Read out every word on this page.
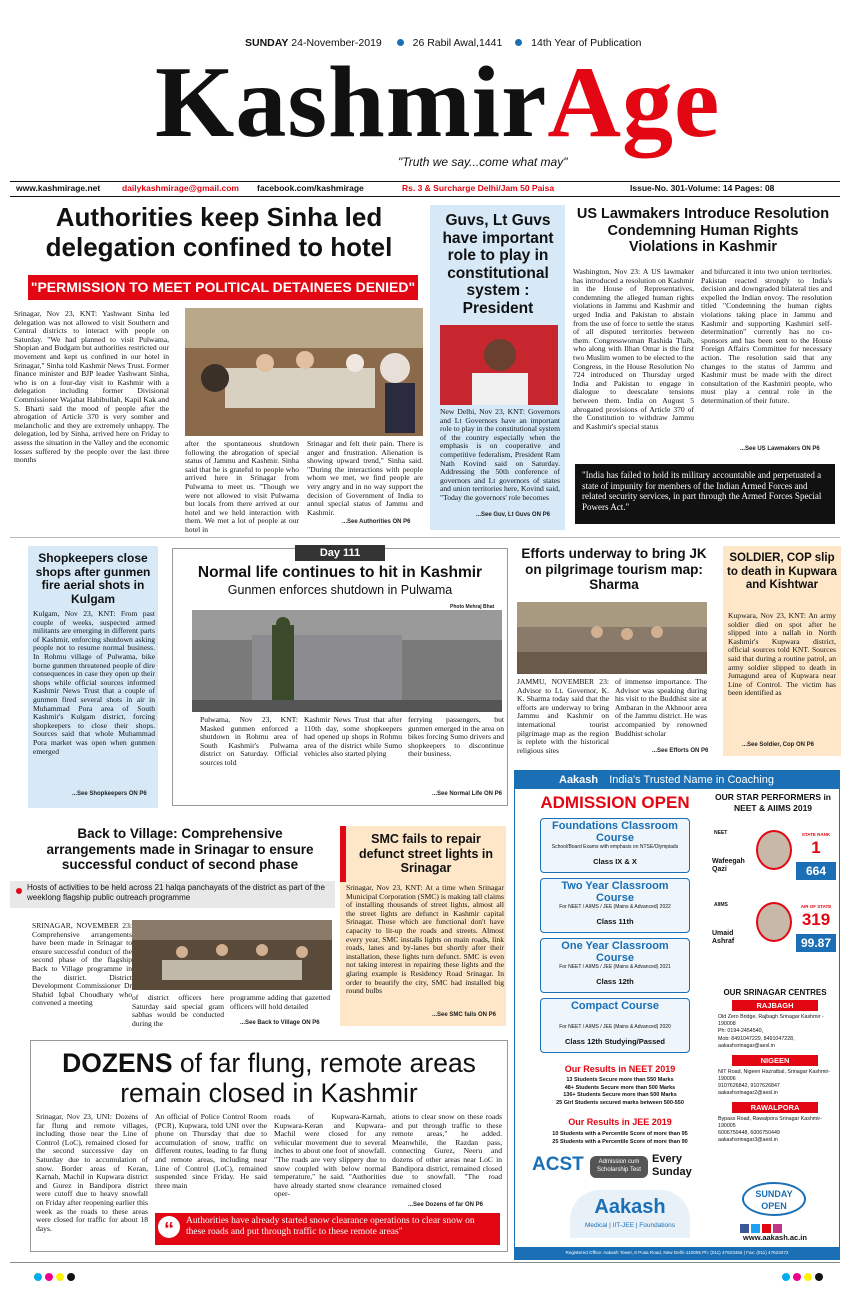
SUNDAY 24-November-2019	26 Rabil Awal,1441	14th Year of Publication
KashmirAge
"Truth we say...come what may"
www.kashmirage.net	dailykashmirage@gmail.com facebook.com/kashmirage	Rs. 3 & Surcharge Delhi/Jam 50 Paisa	Issue-No. 301-Volume: 14 Pages: 08
Authorities keep Sinha led delegation confined to hotel
"PERMISSION TO MEET POLITICAL DETAINEES DENIED"
Srinagar, Nov 23, KNT: Yashwant Sinha led delegation was not allowed to visit Southern and Central districts to interact with people on Saturday. "We had planned to visit Pulwama, Shopian and Budgam but authorities restricted our movement and kept us confined in our hotel in Srinagar," Sinha told Kashmir News Trust. Former finance minister and BJP leader Yashwant Sinha, who is on a four-day visit to Kashmir with a delegation including former Divisional Commissioner Wajahat Habibullah, Kapil Kak and S. Bharti said the mood of people after the abrogation of Article 370 is very somber and melancholic and they are extremely unhappy. The delegation, led by Sinha, arrived here on Friday to assess the situation in the Valley and the economic losses suffered by the people over the last three months
after the spontaneous shutdown following the abrogation of special status of Jammu and Kashmir. Sinha said that he is grateful to people who arrived here in Srinagar from Pulwama to meet us. "Though we were not allowed to visit Pulwama but locals from there arrived at our hotel and we held interaction with them. We met a lot of people at our hotel in
Srinagar and felt their pain. There is anger and frustration. Alienation is showing upward trend," Sinha said. "During the interactions with people whom we met, we find people are very angry and in no way support the decision of Government of India to annul special status of Jammu and Kashmir.
...See Authorities ON P6
Guvs, Lt Guvs have important role to play in constitutional system : President
New Delhi, Nov 23, KNT: Governors and Lt Governors have an important role to play in the constitutional system of the country especially when the emphasis is on cooperative and competitive federalism, President Ram Nath Kovind said on Saturday. Addressing the 50th conference of governors and Lt governors of states and union territories here, Kovind said, "Today the governors' role becomes
...See Guv, Lt Guvs ON P6
US Lawmakers Introduce Resolution Condemning Human Rights Violations in Kashmir
Washington, Nov 23: A US lawmaker has introduced a resolution on Kashmir in the House of Representatives, condemning the alleged human rights violations in Jammu and Kashmir and urged India and Pakistan to abstain from the use of force to settle the status of all disputed territories between them. Congresswoman Rashida Tlaib, who along with Ilhan Omar is the first two Muslim women to be elected to the Congress, in the House Resolution No 724 introduced on Thursday urged India and Pakistan to engage in dialogue to deescalate tensions between them. India on August 5 abrogated provisions of Article 370 of the Constitution to withdraw Jammu and Kashmir's special status
and bifurcated it into two union territories. Pakistan reacted strongly to India's decision and downgraded bilateral ties and expelled the Indian envoy. The resolution titled "Condemning the human rights violations taking place in Jammu and Kashmir and supporting Kashmiri self-determination" currently has no co-sponsors and has been sent to the House Foreign Affairs Committee for necessary action. The resolution said that any changes to the status of Jammu and Kashmir must be made with the direct consultation of the Kashmiri people, who must play a central role in the determination of their future.
...See US Lawmakers ON P6
"India has failed to hold its military accountable and perpetuated a state of impunity for members of the Indian Armed Forces and related security services, in part through the Armed Forces Special Powers Act."
Shopkeepers close shops after gunmen fire aerial shots in Kulgam
Kulgam, Nov 23, KNT: From past couple of weeks, suspected armed militants are emerging in different parts of Kashmir, enforcing shutdown asking people not to resume normal business. In Rohmu village of Pulwama, bike borne gunmen threatened people of dire consequences in case they open up their shops while official sources informed Kashmir News Trust that a couple of gunmen fired several shots in air in Muhammad Pora area of South Kashmir's Kulgam district, forcing shopkeepers to close their shops. Sources said that whole Muhammad Pora market was open when gunmen emerged
...See Shopkeepers ON P6
Day 111
Normal life continues to hit in Kashmir
Gunmen enforces shutdown in Pulwama
Photo Mehraj Bhat
Pulwama, Nov 23, KNT: Masked gunmen enforced a shutdown in Rohmu area of South Kashmir's Pulwama district on Saturday. Official sources told
Kashmir News Trust that after 110th day, some shopkeepers had opened up shops in Rohmu area of the district while Sumo vehicles also started plying
ferrying passengers, but gunmen emerged in the area on bikes forcing Sumo drivers and shopkeepers to discontinue their business.
...See Normal Life ON P6
Efforts underway to bring JK on pilgrimage tourism map: Sharma
JAMMU, NOVEMBER 23: Advisor to Lt. Governor, K. K. Sharma today said that the efforts are underway to bring Jammu and Kashmir on international tourist pilgrimage map as the region is replete with the historical religious sites
of immense importance. The Advisor was speaking during his visit to the Buddhist site at Ambaran in the Akhnoor area of the Jammu district. He was accompanied by renowned Buddhist scholar
...See Efforts ON P6
SOLDIER, COP slip to death in Kupwara and Kishtwar
Kupwara, Nov 23, KNT: An army soldier died on spot after he slipped into a nallah in North Kashmir's Kupwara district, official sources told KNT. Sources said that during a routine patrol, an army soldier slipped to death in Jumagund area of Kupwara near Line of Control. The victim has been identified as
...See Soldier, Cop ON P6
Back to Village: Comprehensive arrangements made in Srinagar to ensure successful conduct of second phase
Hosts of activities to be held across 21 halqa panchayats of the district as part of the weeklong flagship public outreach programme
SRINAGAR, NOVEMBER 23: Comprehensive arrangements have been made in Srinagar to ensure successful conduct of the second phase of the flagship Back to Village programme in the district. District Development Commissioner Dr Shahid Iqbal Choudhary who convened a meeting
of district officers here Saturday said special gram sabhas would be conducted during the
programme adding that gazetted officers will hold detailed
...See Back to Village ON P6
SMC fails to repair defunct street lights in Srinagar
Srinagar, Nov 23, KNT: At a time when Srinagar Municipal Corporation (SMC) is making tall claims of installing thousands of street lights, almost all the street lights are defunct in Kashmir capital Srinagar. Those which are functional don't have capacity to lit-up the roads and streets. Almost every year, SMC installs lights on main roads, link roads, lanes and by-lanes but shortly after their installation, these lights turn defunct. SMC is even not taking interest in repairing these lights and the glaring example is Residency Road Srinagar. In order to beautify the city, SMC had installed big round bulbs
...See SMC fails ON P6
DOZENS of far flung, remote areas remain closed in Kashmir
Srinagar, Nov 23, UNI: Dozens of far flung and remote villages, including those near the Line of Control (LoC), remained closed for the second successive day on Saturday due to accumulation of snow. Border areas of Keran, Karnah, Machil in Kupwara district and Gurez in Bandipora district were cutoff due to heavy snowfall on Friday after reopening earlier this week as the roads to these areas were closed for traffic for about 18 days.
An official of Police Control Room (PCR), Kupwara, told UNI over the phone on Thursday that due to accumulation of snow, traffic on different routes, leading to far flung and remote areas, including near Line of Control (LoC), remained suspended since Friday. He said three main
roads of Kupwara-Karnah, Kupwara-Keran and Kupwara-Machil were closed for any vehicular movement due to several inches to about one foot of snowfall. "The roads are very slippery due to snow coupled with below normal temperature," he said. "Authorities have already started snow clearance oper-
ations to clear snow on these roads and put through traffic to these remote areas," he added. Meanwhile, the Razdan pass, connecting Gurez, Neeru and dozens of other areas near LoC in Bandipora district, remained closed due to snowfall. "The road remained closed
...See Dozens of far ON P6
“	Authorities have already started snow clearance operations to clear snow on these roads and put through traffic to these remote areas"
Aakash India's Trusted Name in Coaching
ADMISSION OPEN
Foundations Classroom Course
School/Board Exams with emphasis on NTSE/Olympiads
Class IX & X
Two Year Classroom Course
For NEET / AIIMS / JEE (Mains & Advanced) 2022
Class 11th
One Year Classroom Course
For NEET / AIIMS / JEE (Mains & Advanced) 2021
Class 12th
Compact Course
For NEET / AIIMS / JEE (Mains & Advanced) 2020
Class 12th Studying/Passed
Our Results in NEET 2019
13 Students Secure more than 550 Marks
48+ Students Secure more than 500 Marks
136+ Students Secure more than 500 Marks
25 Girl Students secured marks between 500-550
Our Results in JEE 2019
10 Students with a Percentile Score of more than 95
25 Students with a Percentile Score of more than 90
ACST	Admission cum Scholarship Test
Every Sunday
Aakash
Medical | IIT-JEE | Foundations
OUR STAR PERFORMERS in NEET & AIIMS 2019
NEET
Wafeegah Qazi
STATE RANK
1
664
AIIMS
Umaid Ashraf
AIR OF STATE
319
99.87
OUR SRINAGAR CENTRES
RAJBAGH
Old Zero Bridge, Rajbagh Srinagar Kashmir - 190008
Ph: 0194-2454540,
Mob: 8491047229, 8491047228,
aakashsrinagar@aesl.in
NIGEEN
NIT Road, Nigeen Hazratbal, Srinagar Kashmir- 190006
9107626842, 9107626847
aakashsrinagar2@aesl.in
RAWALPORA
Bypass Road, Rawalpora Srinagar Kashmir- 190005
6006750448, 6006750449
aakashsrinagar3@aesl.in
SUNDAY OPEN
www.aakash.ac.in
Registered Office: Aakash Tower, 8 Pusa Road, New Delhi-110005 Ph: (011) 47623456 | Fax: (011) 47623472
